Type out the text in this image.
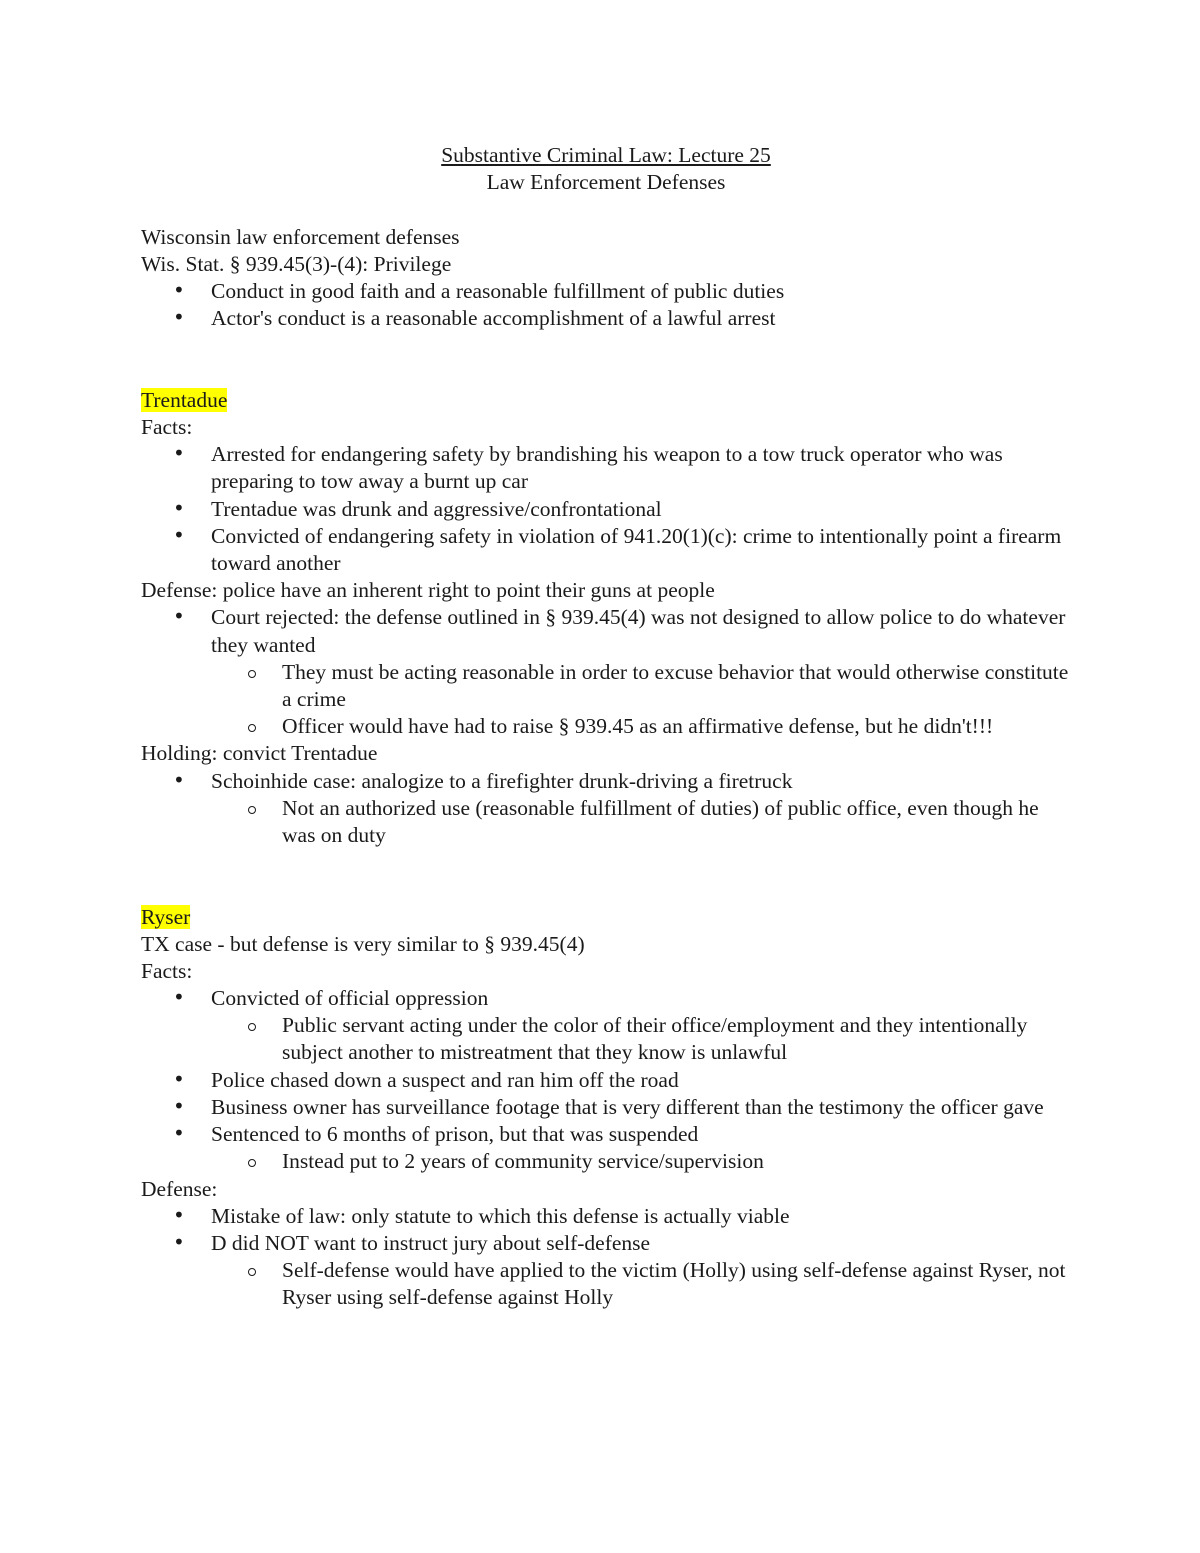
Substantive Criminal Law: Lecture 25
Law Enforcement Defenses
Wisconsin law enforcement defenses
Wis. Stat. § 939.45(3)-(4): Privilege
• Conduct in good faith and a reasonable fulfillment of public duties
• Actor's conduct is a reasonable accomplishment of a lawful arrest
Trentadue
Facts:
• Arrested for endangering safety by brandishing his weapon to a tow truck operator who was preparing to tow away a burnt up car
• Trentadue was drunk and aggressive/confrontational
• Convicted of endangering safety in violation of 941.20(1)(c): crime to intentionally point a firearm toward another
Defense: police have an inherent right to point their guns at people
• Court rejected: the defense outlined in § 939.45(4) was not designed to allow police to do whatever they wanted
They must be acting reasonable in order to excuse behavior that would otherwise constitute a crime
Officer would have had to raise § 939.45 as an affirmative defense, but he didn't!!!
Holding: convict Trentadue
• Schoinhide case: analogize to a firefighter drunk-driving a firetruck
Not an authorized use (reasonable fulfillment of duties) of public office, even though he was on duty
Ryser
TX case - but defense is very similar to § 939.45(4)
Facts:
• Convicted of official oppression
Public servant acting under the color of their office/employment and they intentionally subject another to mistreatment that they know is unlawful
• Police chased down a suspect and ran him off the road
• Business owner has surveillance footage that is very different than the testimony the officer gave
• Sentenced to 6 months of prison, but that was suspended
Instead put to 2 years of community service/supervision
Defense:
• Mistake of law: only statute to which this defense is actually viable
• D did NOT want to instruct jury about self-defense
Self-defense would have applied to the victim (Holly) using self-defense against Ryser, not Ryser using self-defense against Holly
